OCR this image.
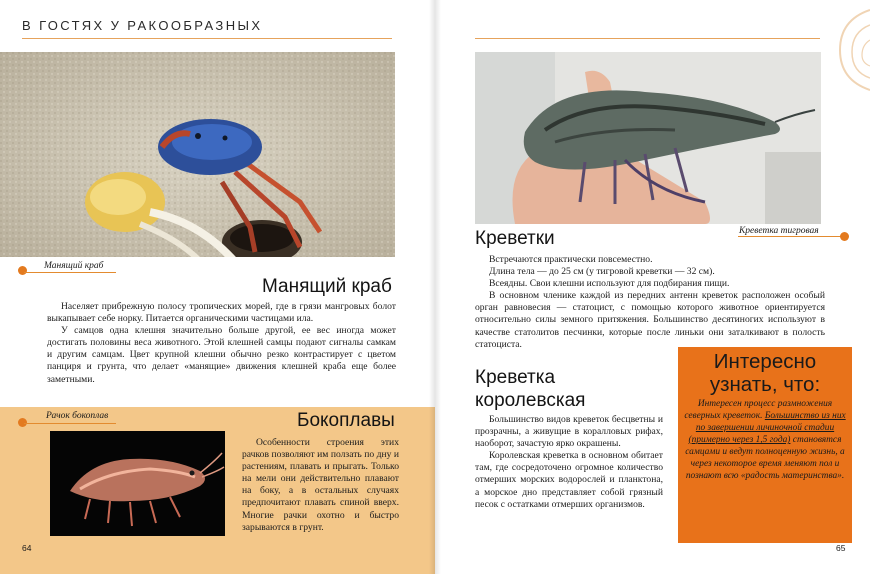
В ГОСТЯХ У РАКООБРАЗНЫХ
Манящий краб
Манящий краб

Населяет прибрежную полосу тропических морей, где в грязи мангровых болот выкапывает себе норку. Питается органическими частицами ила.

У самцов одна клешня значительно больше другой, ее вес иногда может достигать половины веса животного. Этой клешней самцы подают сигналы самкам и другим самцам. Цвет крупной клешни обычно резко контрастирует с цветом панциря и грунта, что делает «манящие» движения клешней краба еще более заметными.

Рачок бокоплав	Бокоплавы

Особенности строения этих рачков позволяют им ползать по дну и растениям, плавать и прыгать. Только на мели они действительно плавают на боку, а в остальных случаях предпочитают плавать спиной вверх. Многие рачки охотно и быстро зарываются в грунт.

64
Креветка тигровая
Креветки

Встречаются практически повсеместно.

Длина тела — до 25 см (у тигровой креветки — 32 см).

Всеядны. Свои клешни используют для подбирания пищи.

В основном членике каждой из передних антенн креветок расположен особый орган равновесия — статоцист, с помощью которого животное ориентируется относительно силы земного притяжения. Большинство десятиногих используют в качестве статолитов песчинки, которые после линьки они заталкивают в полость статоциста.

Креветка
королевская

Большинство видов креветок бесцветны и прозрачны, а живущие в коралловых рифах, наоборот, зачастую ярко окрашены.

Королевская креветка в основном обитает там, где сосредоточено огромное количество отмерших морских водорослей и планктона, а морское дно представляет собой грязный песок с остатками отмерших организмов.

Интересно
узнать, что:
Интересен процесс размножения северных креветок. Большинство из них по завершении личиночной стадии (примерно через 1,5 года) становятся самцами и ведут полноценную жизнь, а через некоторое время меняют пол и познают всю «радость материнства».
65
